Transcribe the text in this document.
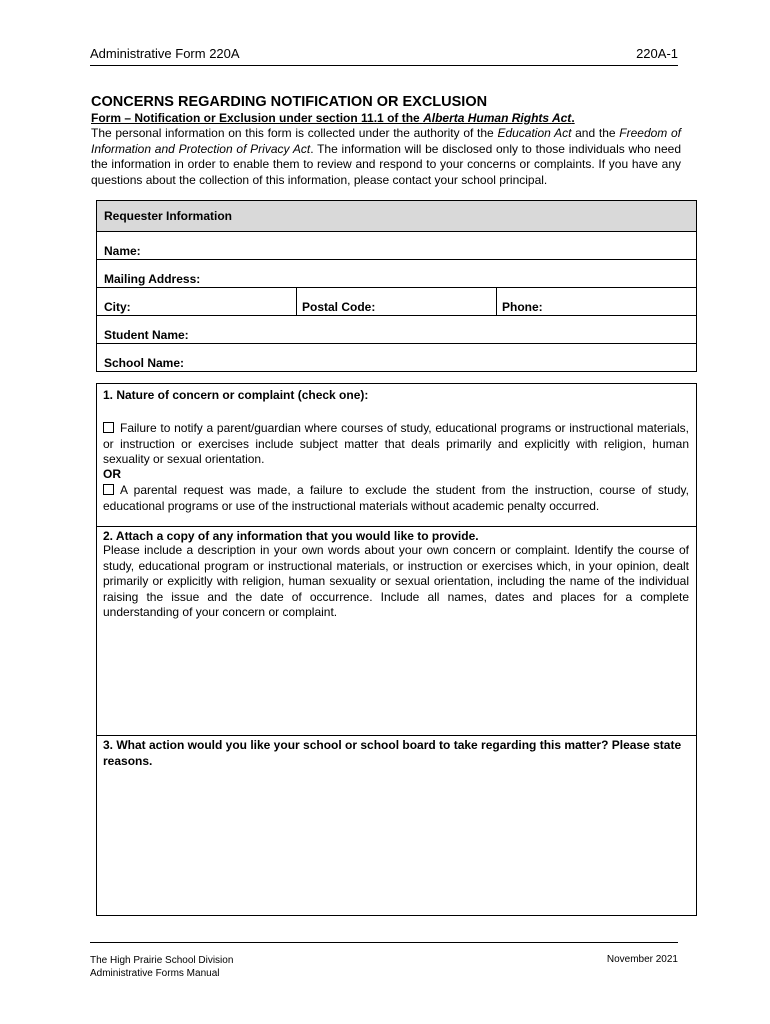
Administrative Form 220A	220A-1
CONCERNS REGARDING NOTIFICATION OR EXCLUSION
Form – Notification or Exclusion under section 11.1 of the Alberta Human Rights Act.
The personal information on this form is collected under the authority of the Education Act and the Freedom of Information and Protection of Privacy Act. The information will be disclosed only to those individuals who need the information in order to enable them to review and respond to your concerns or complaints. If you have any questions about the collection of this information, please contact your school principal.
Requester Information
Name:
Mailing Address:
City:	Postal Code:	Phone:
Student Name:
School Name:
1. Nature of concern or complaint (check one):
Failure to notify a parent/guardian where courses of study, educational programs or instructional materials, or instruction or exercises include subject matter that deals primarily and explicitly with religion, human sexuality or sexual orientation.
OR
A parental request was made, a failure to exclude the student from the instruction, course of study, educational programs or use of the instructional materials without academic penalty occurred.
2. Attach a copy of any information that you would like to provide.
Please include a description in your own words about your own concern or complaint. Identify the course of study, educational program or instructional materials, or instruction or exercises which, in your opinion, dealt primarily or explicitly with religion, human sexuality or sexual orientation, including the name of the individual raising the issue and the date of occurrence. Include all names, dates and places for a complete understanding of your concern or complaint.
3. What action would you like your school or school board to take regarding this matter? Please state reasons.
The High Prairie School Division
Administrative Forms Manual
November 2021
